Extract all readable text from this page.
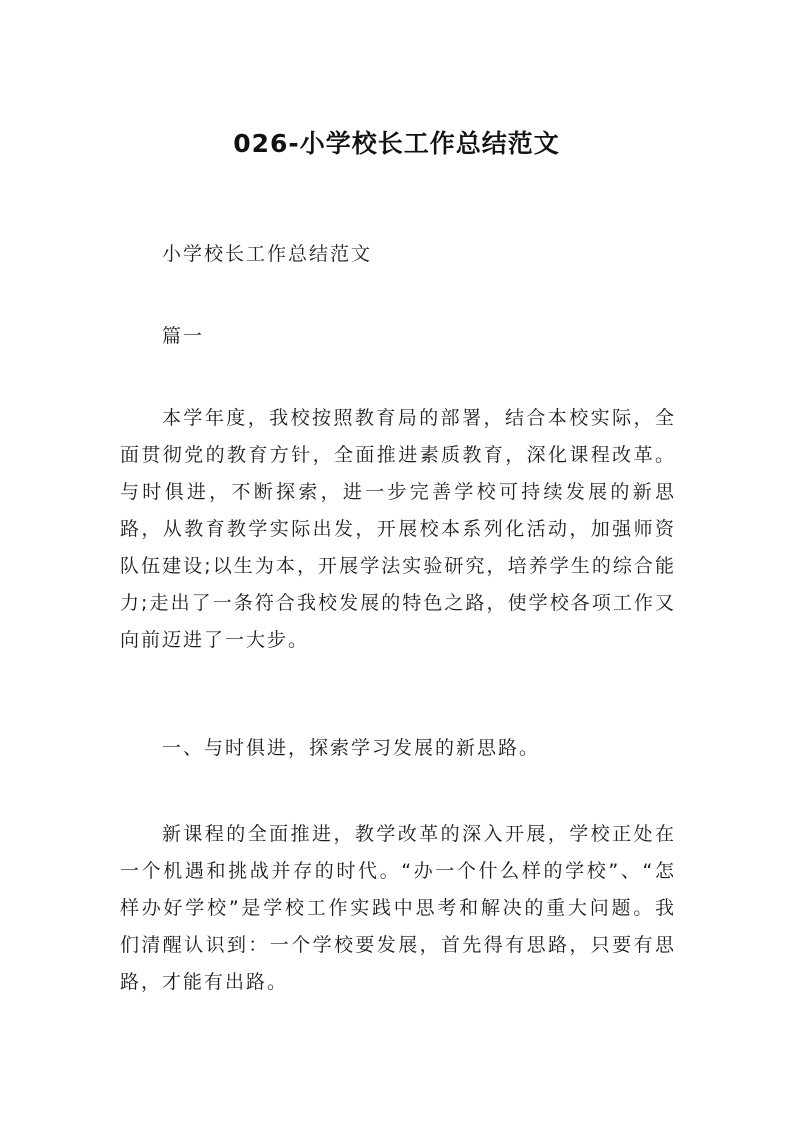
026-小学校长工作总结范文

小学校长工作总结范文

篇一

本学年度，我校按照教育局的部署，结合本校实际，全面贯彻党的教育方针，全面推进素质教育，深化课程改革。与时俱进，不断探索，进一步完善学校可持续发展的新思路，从教育教学实际出发，开展校本系列化活动，加强师资队伍建设;以生为本，开展学法实验研究，培养学生的综合能力;走出了一条符合我校发展的特色之路，使学校各项工作又向前迈进了一大步。

一、与时俱进，探索学习发展的新思路。

新课程的全面推进，教学改革的深入开展，学校正处在一个机遇和挑战并存的时代。“办一个什么样的学校”、“怎样办好学校”是学校工作实践中思考和解决的重大问题。我们清醒认识到：一个学校要发展，首先得有思路，只要有思路，才能有出路。
